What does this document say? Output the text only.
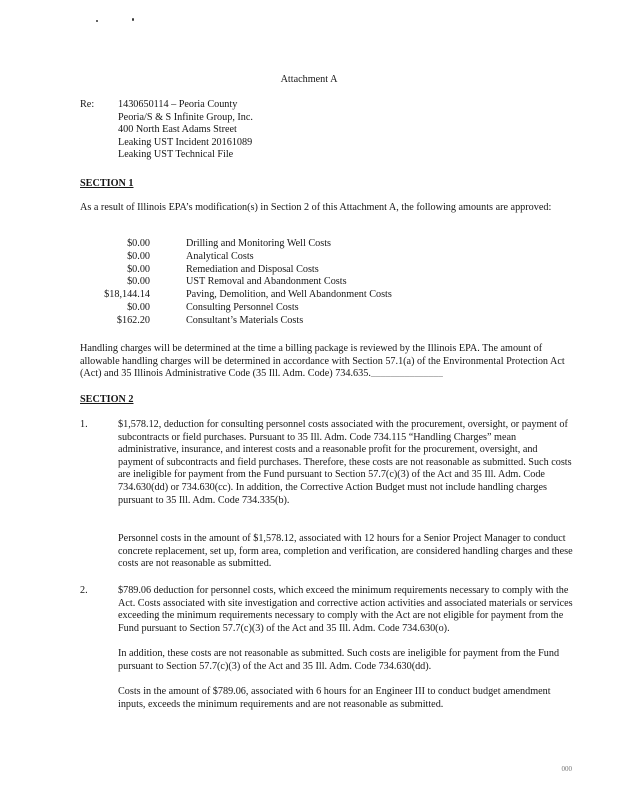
Attachment A
Re: 1430650114 – Peoria County
Peoria/S & S Infinite Group, Inc.
400 North East Adams Street
Leaking UST Incident 20161089
Leaking UST Technical File
SECTION 1
As a result of Illinois EPA’s modification(s) in Section 2 of this Attachment A, the following amounts are approved:
$0.00	Drilling and Monitoring Well Costs
$0.00	Analytical Costs
$0.00	Remediation and Disposal Costs
$0.00	UST Removal and Abandonment Costs
$18,144.14	Paving, Demolition, and Well Abandonment Costs
$0.00	Consulting Personnel Costs
$162.20	Consultant’s Materials Costs
Handling charges will be determined at the time a billing package is reviewed by the Illinois EPA. The amount of allowable handling charges will be determined in accordance with Section 57.1(a) of the Environmental Protection Act (Act) and 35 Illinois Administrative Code (35 Ill. Adm. Code) 734.635._______________
SECTION 2
1.	$1,578.12, deduction for consulting personnel costs associated with the procurement, oversight, or payment of subcontracts or field purchases. Pursuant to 35 Ill. Adm. Code 734.115 “Handling Charges” mean administrative, insurance, and interest costs and a reasonable profit for the procurement, oversight, and payment of subcontracts and field purchases. Therefore, these costs are not reasonable as submitted. Such costs are ineligible for payment from the Fund pursuant to Section 57.7(c)(3) of the Act and 35 Ill. Adm. Code 734.630(dd) or 734.630(cc). In addition, the Corrective Action Budget must not include handling charges pursuant to 35 Ill. Adm. Code 734.335(b).
Personnel costs in the amount of $1,578.12, associated with 12 hours for a Senior Project Manager to conduct concrete replacement, set up, form area, completion and verification, are considered handling charges and these costs are not reasonable as submitted.
2.	$789.06 deduction for personnel costs, which exceed the minimum requirements necessary to comply with the Act. Costs associated with site investigation and corrective action activities and associated materials or services exceeding the minimum requirements necessary to comply with the Act are not eligible for payment from the Fund pursuant to Section 57.7(c)(3) of the Act and 35 Ill. Adm. Code 734.630(o).
In addition, these costs are not reasonable as submitted. Such costs are ineligible for payment from the Fund pursuant to Section 57.7(c)(3) of the Act and 35 Ill. Adm. Code 734.630(dd).
Costs in the amount of $789.06, associated with 6 hours for an Engineer III to conduct budget amendment inputs, exceeds the minimum requirements and are not reasonable as submitted.
000
